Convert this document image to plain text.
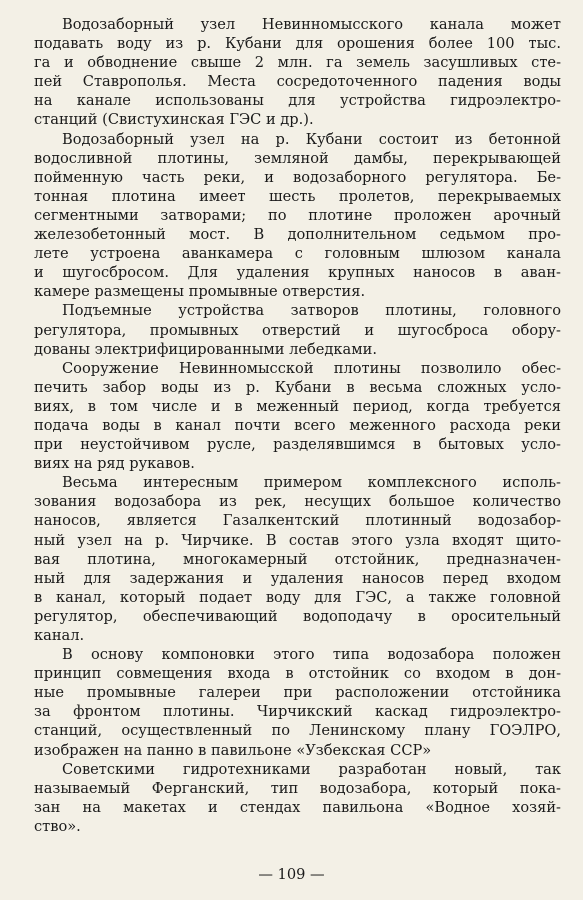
Водозаборный узел Невинномысского канала может
подавать воду из р. Кубани для орошения более 100 тыс.
га и обводнение свыше 2 млн. га земель засушливых сте-
пей Ставрополья. Места сосредоточенного падения воды
на канале использованы для устройства гидроэлектро-
станций (Свистухинская ГЭС и др.).
Водозаборный узел на р. Кубани состоит из бетонной
водосливной плотины, земляной дамбы, перекрывающей
пойменную часть реки, и водозаборного регулятора. Бе-
тонная плотина имеет шесть пролетов, перекрываемых
сегментными затворами; по плотине проложен арочный
железобетонный мост. В дополнительном седьмом про-
лете устроена аванкамера с головным шлюзом канала
и шугосбросом. Для удаления крупных наносов в аван-
камере размещены промывные отверстия.
Подъемные устройства затворов плотины, головного
регулятора, промывных отверстий и шугосброса обору-
дованы электрифицированными лебедками.
Сооружение Невинномысской плотины позволило обес-
печить забор воды из р. Кубани в весьма сложных усло-
виях, в том числе и в меженный период, когда требуется
подача воды в канал почти всего меженного расхода реки
при неустойчивом русле, разделявшимся в бытовых усло-
виях на ряд рукавов.
Весьма интересным примером комплексного исполь-
зования водозабора из рек, несущих большое количество
наносов, является Газалкентский плотинный водозабор-
ный узел на р. Чирчике. В состав этого узла входят щито-
вая плотина, многокамерный отстойник, предназначен-
ный для задержания и удаления наносов перед входом
в канал, который подает воду для ГЭС, а также головной
регулятор, обеспечивающий водоподачу в оросительный
канал.
В основу компоновки этого типа водозабора положен
принцип совмещения входа в отстойник со входом в дон-
ные промывные галереи при расположении отстойника
за фронтом плотины. Чирчикский каскад гидроэлектро-
станций, осуществленный по Ленинскому плану ГОЭЛРО,
изображен на панно в павильоне «Узбекская ССР»
Советскими гидротехниками разработан новый, так
называемый Ферганский, тип водозабора, который пока-
зан на макетах и стендах павильона «Водное хозяй-
ство».
— 109 —
